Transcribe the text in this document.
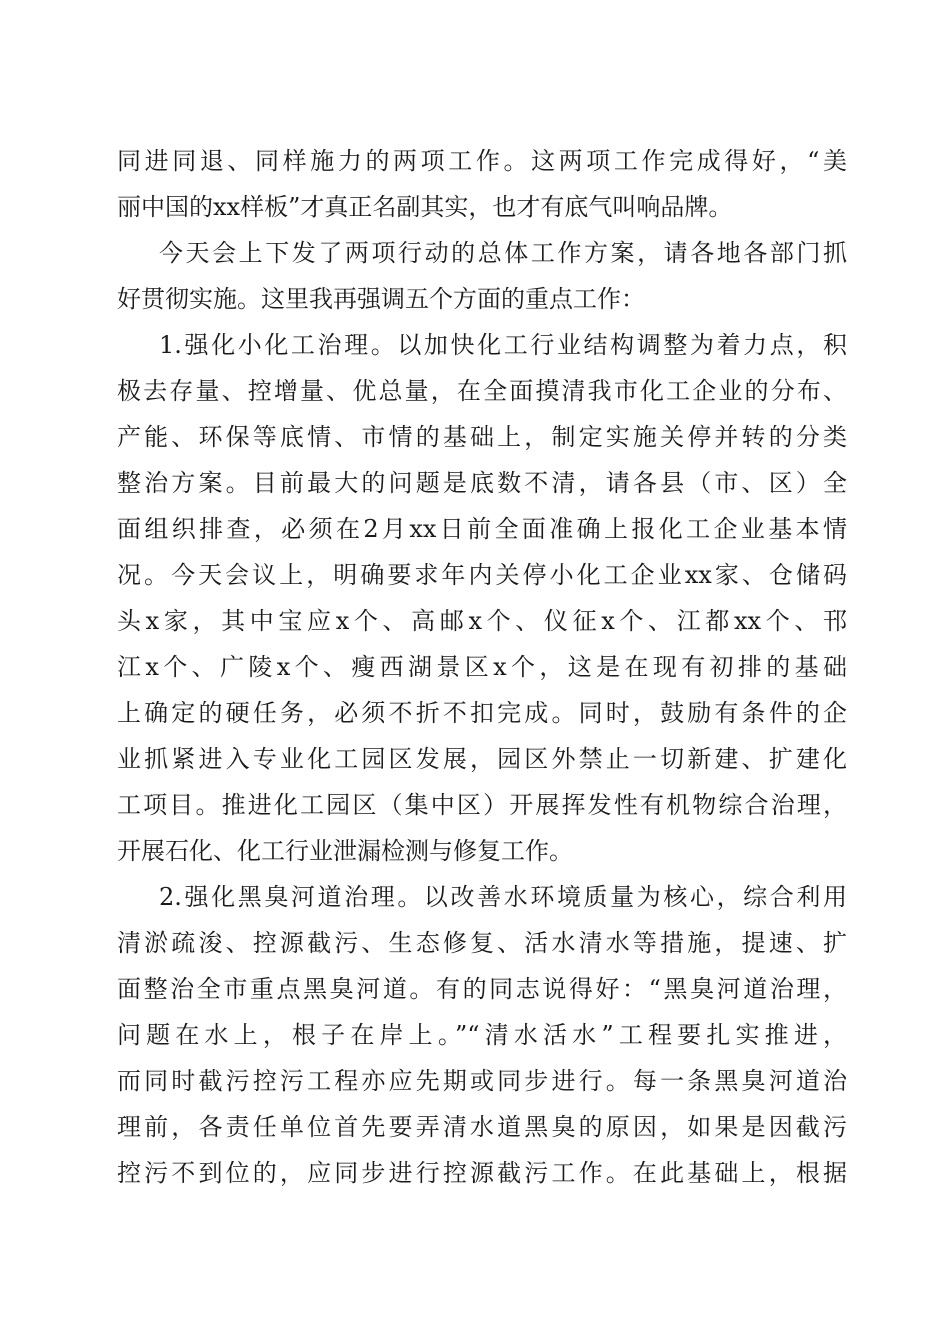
同进同退、同样施力的两项工作。这两项工作完成得好，“美
丽中国的xx样板”才真正名副其实，也才有底气叫响品牌。
今天会上下发了两项行动的总体工作方案，请各地各部门抓
好贯彻实施。这里我再强调五个方面的重点工作：
1.强化小化工治理。以加快化工行业结构调整为着力点，积
极去存量、控增量、优总量，在全面摸清我市化工企业的分布、
产能、环保等底情、市情的基础上，制定实施关停并转的分类
整治方案。目前最大的问题是底数不清，请各县（市、区）全
面组织排查，必须在2月xx日前全面准确上报化工企业基本情
况。今天会议上，明确要求年内关停小化工企业xx家、仓储码
头x家，其中宝应x个、高邮x个、仪征x个、江都xx个、邗
江x个、广陵x个、瘦西湖景区x个，这是在现有初排的基础
上确定的硬任务，必须不折不扣完成。同时，鼓励有条件的企
业抓紧进入专业化工园区发展，园区外禁止一切新建、扩建化
工项目。推进化工园区（集中区）开展挥发性有机物综合治理，
开展石化、化工行业泄漏检测与修复工作。
2.强化黑臭河道治理。以改善水环境质量为核心，综合利用
清淤疏浚、控源截污、生态修复、活水清水等措施，提速、扩
面整治全市重点黑臭河道。有的同志说得好：“黑臭河道治理，
问题在水上，根子在岸上。”“清水活水”工程要扎实推进，
而同时截污控污工程亦应先期或同步进行。每一条黑臭河道治
理前，各责任单位首先要弄清水道黑臭的原因，如果是因截污
控污不到位的，应同步进行控源截污工作。在此基础上，根据
